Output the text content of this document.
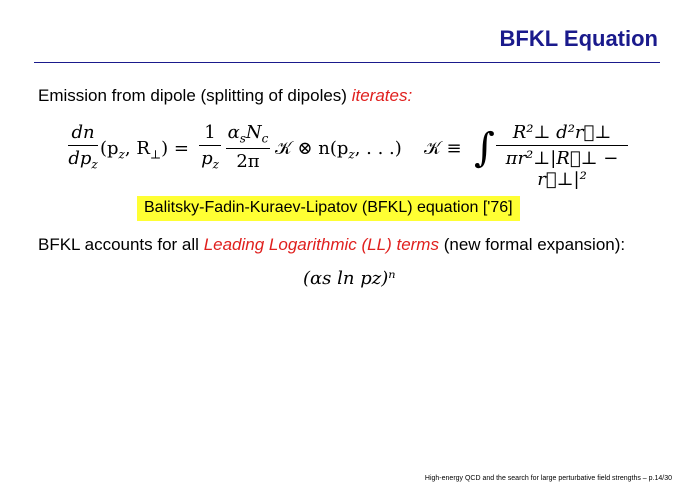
BFKL Equation
Emission from dipole (splitting of dipoles) iterates:
dn
$dp_z$
($p_z$, $R_\perp$) =
1
$p_z$
$\alpha_sN_c$
2π
𝒦 ⊗ $n(p_z$, . . .) 𝒦 ≡ ∫ R²⊥ d²r⃗⊥
πr²⊥|R⃗⊥ − r⃗⊥|²
Balitsky-Fadin-Kuraev-Lipatov (BFKL) equation ['76]
BFKL accounts for all Leading Logarithmic (LL) terms (new formal expansion):
(αs ln pz)ⁿ
High-energy QCD and the search for large perturbative field strengths – p.14/30
